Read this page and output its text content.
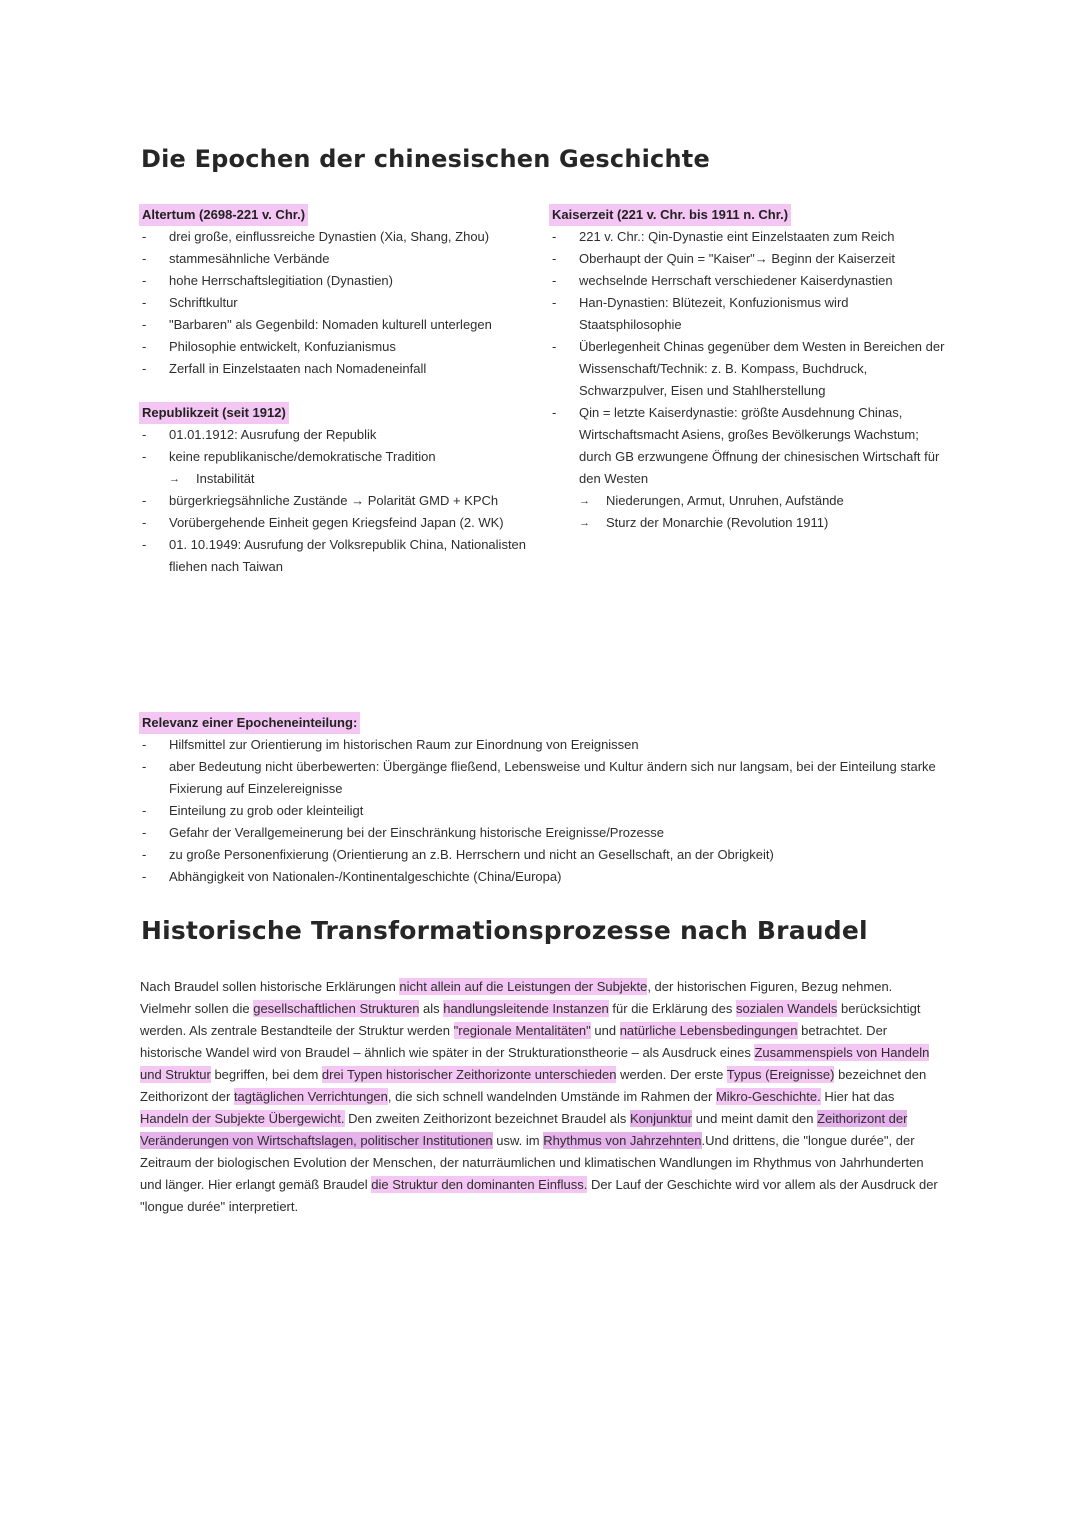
Die Epochen der chinesischen Geschichte
Altertum (2698-221 v. Chr.)
- drei große, einflussreiche Dynastien (Xia, Shang, Zhou)
- stammesähnliche Verbände
- hohe Herrschaftslegitiation (Dynastien)
- Schriftkultur
- "Barbaren" als Gegenbild: Nomaden kulturell unterlegen
- Philosophie entwickelt, Konfuzianismus
- Zerfall in Einzelstaaten nach Nomadeneinfall
Republikzeit (seit 1912)
- 01.01.1912: Ausrufung der Republik
- keine republikanische/demokratische Tradition
→ Instabilität
- bürgerkriegsähnliche Zustände → Polarität GMD + KPCh
- Vorübergehende Einheit gegen Kriegsfeind Japan (2. WK)
- 01. 10.1949: Ausrufung der Volksrepublik China, Nationalisten fliehen nach Taiwan
Kaiserzeit (221 v. Chr. bis 1911 n. Chr.)
- 221 v. Chr.: Qin-Dynastie eint Einzelstaaten zum Reich
- Oberhaupt der Quin = "Kaiser"→ Beginn der Kaiserzeit
- wechselnde Herrschaft verschiedener Kaiserdynastien
- Han-Dynastien: Blütezeit, Konfuzionismus wird Staatsphilosophie
- Überlegenheit Chinas gegenüber dem Westen in Bereichen der Wissenschaft/Technik: z. B. Kompass, Buchdruck, Schwarzpulver, Eisen und Stahlherstellung
- Qin = letzte Kaiserdynastie: größte Ausdehnung Chinas, Wirtschaftsmacht Asiens, großes Bevölkerungs Wachstum; durch GB erzwungene Öffnung der chinesischen Wirtschaft für den Westen
→ Niederungen, Armut, Unruhen, Aufstände
→ Sturz der Monarchie (Revolution 1911)
Relevanz einer Epocheneinteilung:
- Hilfsmittel zur Orientierung im historischen Raum zur Einordnung von Ereignissen
- aber Bedeutung nicht überbewerten: Übergänge fließend, Lebensweise und Kultur ändern sich nur langsam, bei der Einteilung starke Fixierung auf Einzelereignisse
- Einteilung zu grob oder kleinteiligt
- Gefahr der Verallgemeinerung bei der Einschränkung historische Ereignisse/Prozesse
- zu große Personenfixierung (Orientierung an z.B. Herrschern und nicht an Gesellschaft, an der Obrigkeit)
- Abhängigkeit von Nationalen-/Kontinentalgeschichte (China/Europa)
Historische Transformationsprozesse nach Braudel

Nach Braudel sollen historische Erklärungen nicht allein auf die Leistungen der Subjekte, der historischen Figuren, Bezug nehmen. Vielmehr sollen die gesellschaftlichen Strukturen als handlungsleitende Instanzen für die Erklärung des sozialen Wandels berücksichtigt werden. Als zentrale Bestandteile der Struktur werden "regionale Mentalitäten" und natürliche Lebensbedingungen betrachtet. Der historische Wandel wird von Braudel – ähnlich wie später in der Strukturationstheorie – als Ausdruck eines Zusammenspiels von Handeln und Struktur begriffen, bei dem drei Typen historischer Zeithorizonte unterschieden werden. Der erste Typus (Ereignisse) bezeichnet den Zeithorizont der tagtäglichen Verrichtungen, die sich schnell wandelnden Umstände im Rahmen der Mikro-Geschichte. Hier hat das Handeln der Subjekte Übergewicht. Den zweiten Zeithorizont bezeichnet Braudel als Konjunktur und meint damit den Zeithorizont der Veränderungen von Wirtschaftslagen, politischer Institutionen usw. im Rhythmus von Jahrzehnten.Und drittens, die "longue durée", der Zeitraum der biologischen Evolution der Menschen, der naturräumlichen und klimatischen Wandlungen im Rhythmus von Jahrhunderten und länger. Hier erlangt gemäß Braudel die Struktur den dominanten Einfluss. Der Lauf der Geschichte wird vor allem als der Ausdruck der "longue durée" interpretiert.
